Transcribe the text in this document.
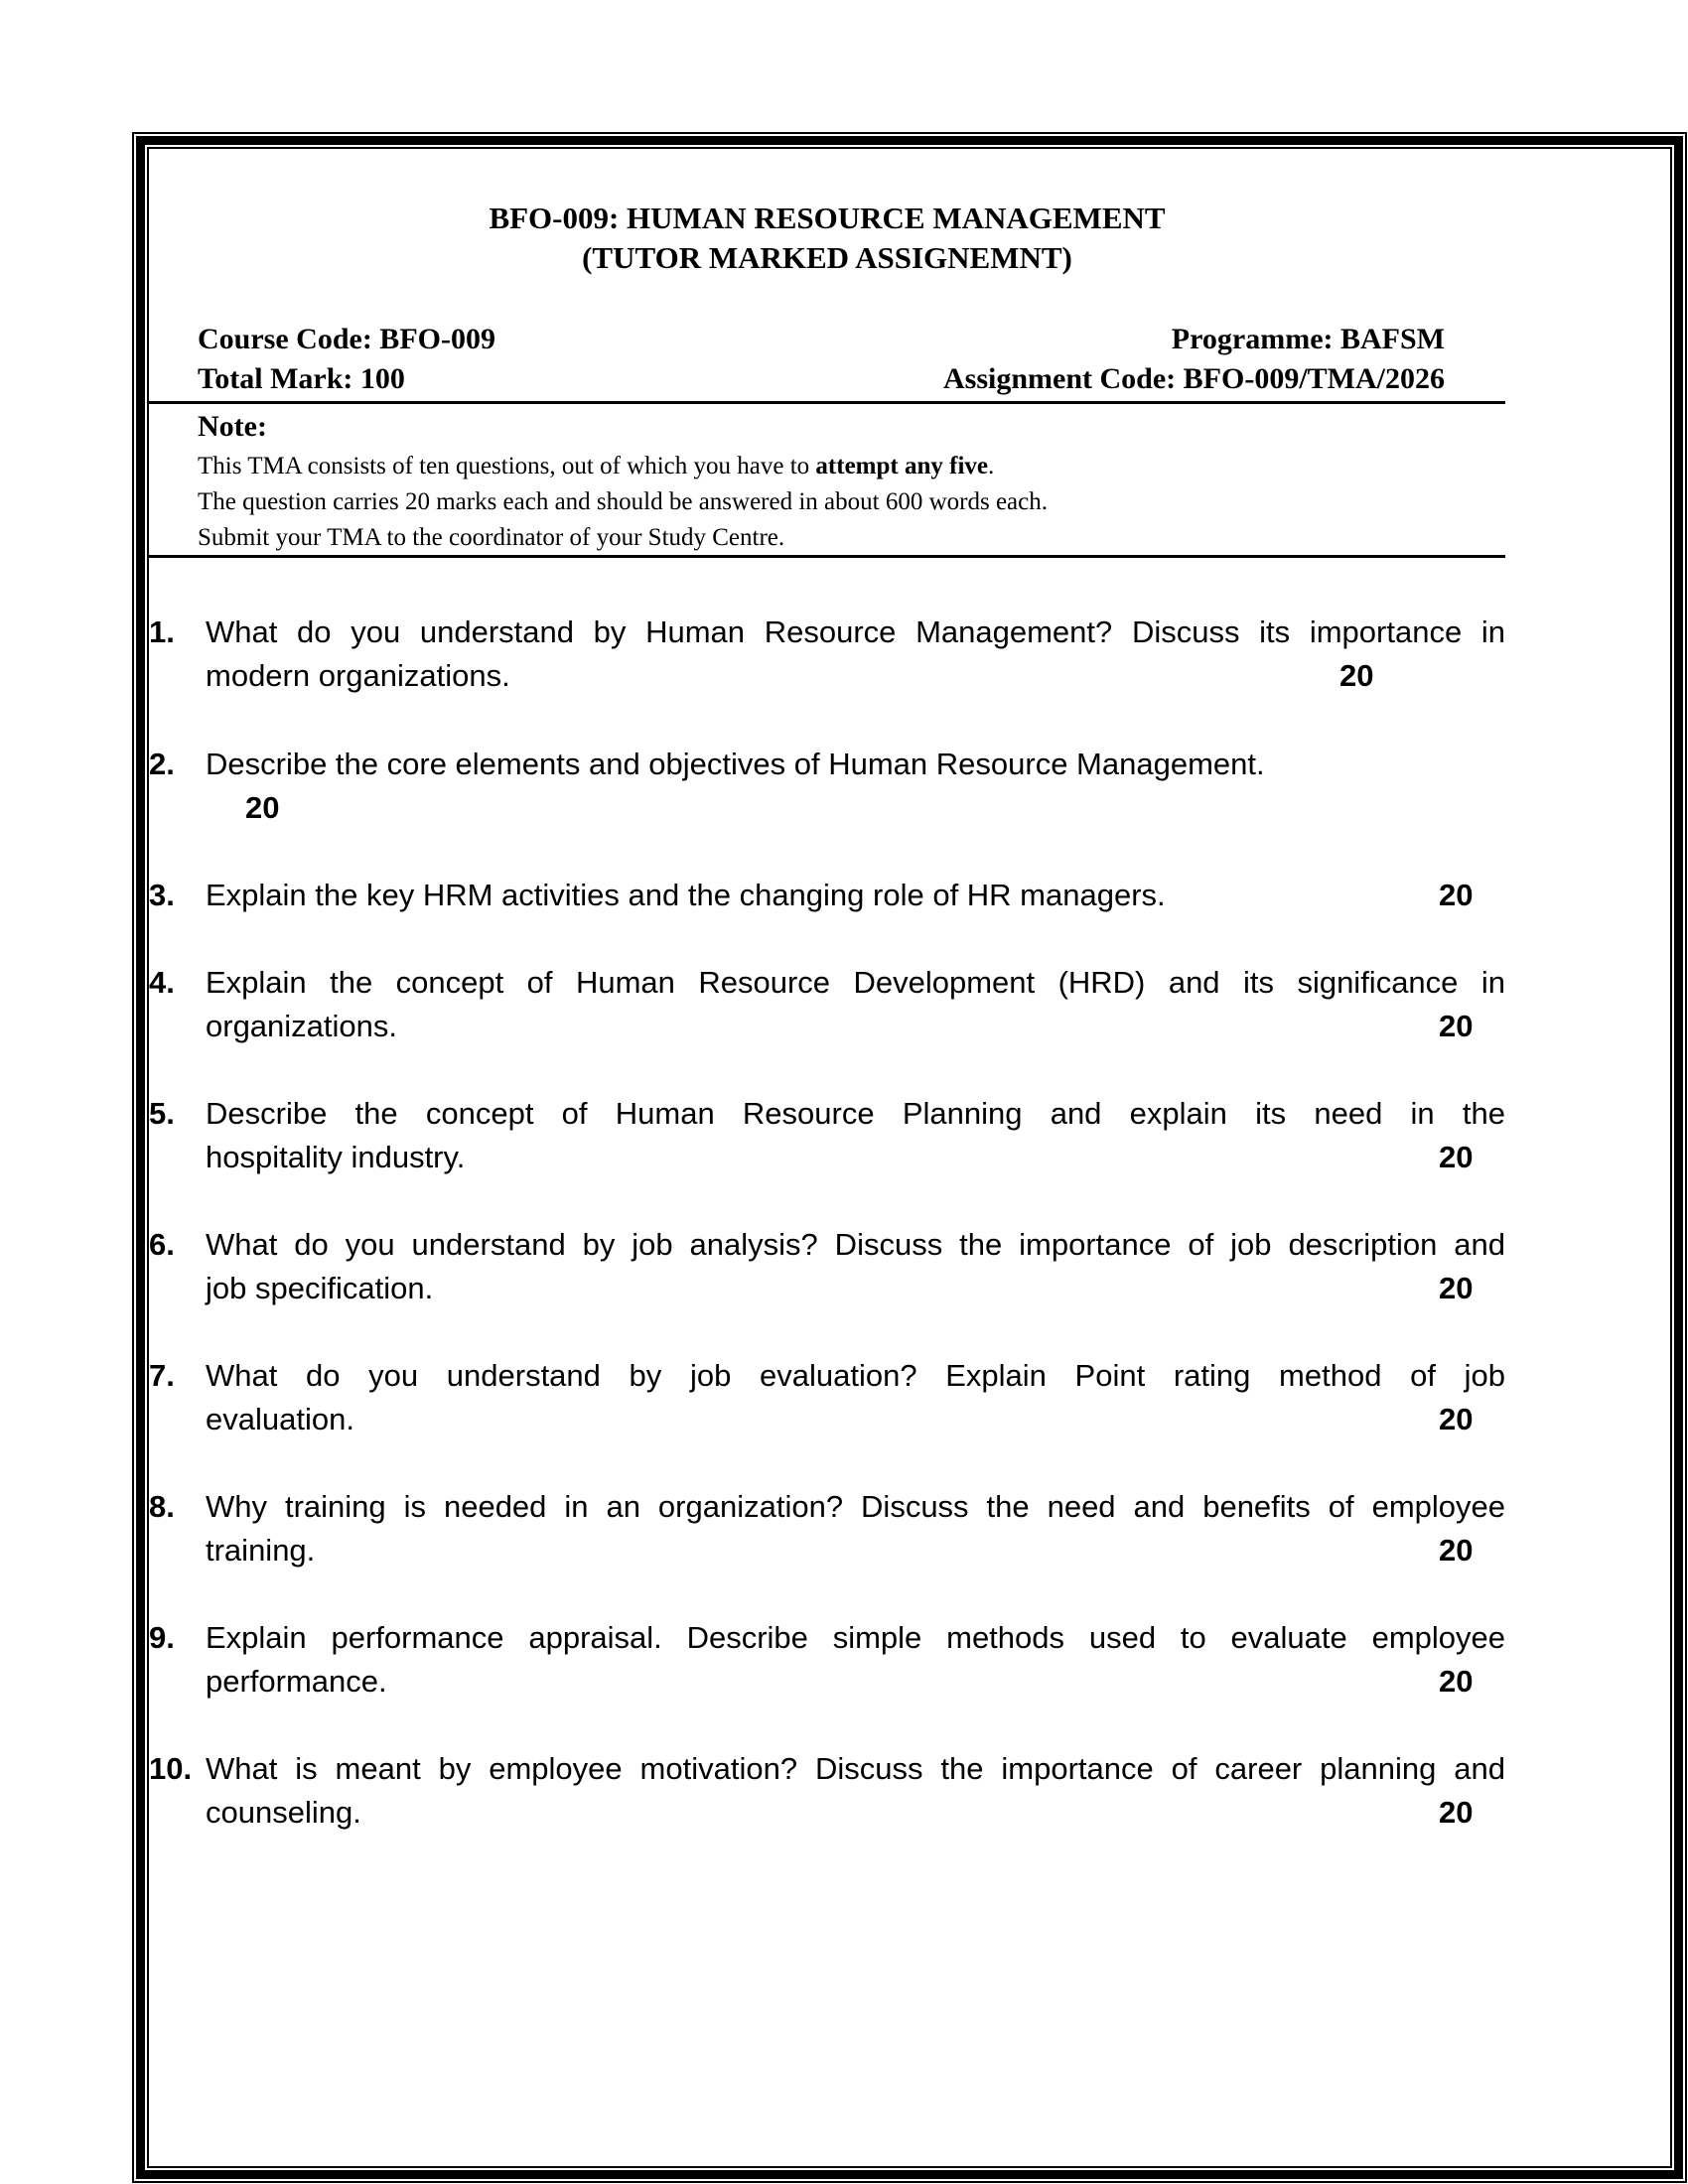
BFO-009: HUMAN RESOURCE MANAGEMENT
(TUTOR MARKED ASSIGNEMNT)
Course Code: BFO-009	Programme: BAFSM
Total Mark: 100	Assignment Code: BFO-009/TMA/2026
Note:
This TMA consists of ten questions, out of which you have to attempt any five.
The question carries 20 marks each and should be answered in about 600 words each.
Submit your TMA to the coordinator of your Study Centre.
1. What do you understand by Human Resource Management? Discuss its importance in
modern organizations.	20
2. Describe the core elements and objectives of Human Resource Management.
20
3. Explain the key HRM activities and the changing role of HR managers.	20
4. Explain the concept of Human Resource Development (HRD) and its significance in
organizations.	20
5. Describe the concept of Human Resource Planning and explain its need in the
hospitality industry.	20
6. What do you understand by job analysis? Discuss the importance of job description and
job specification.	20
7. What do you understand by job evaluation? Explain Point rating method of job
evaluation.	20
8. Why training is needed in an organization? Discuss the need and benefits of employee
training.	20
9. Explain performance appraisal. Describe simple methods used to evaluate employee
performance.	20
10. What is meant by employee motivation? Discuss the importance of career planning and
counseling.	20
